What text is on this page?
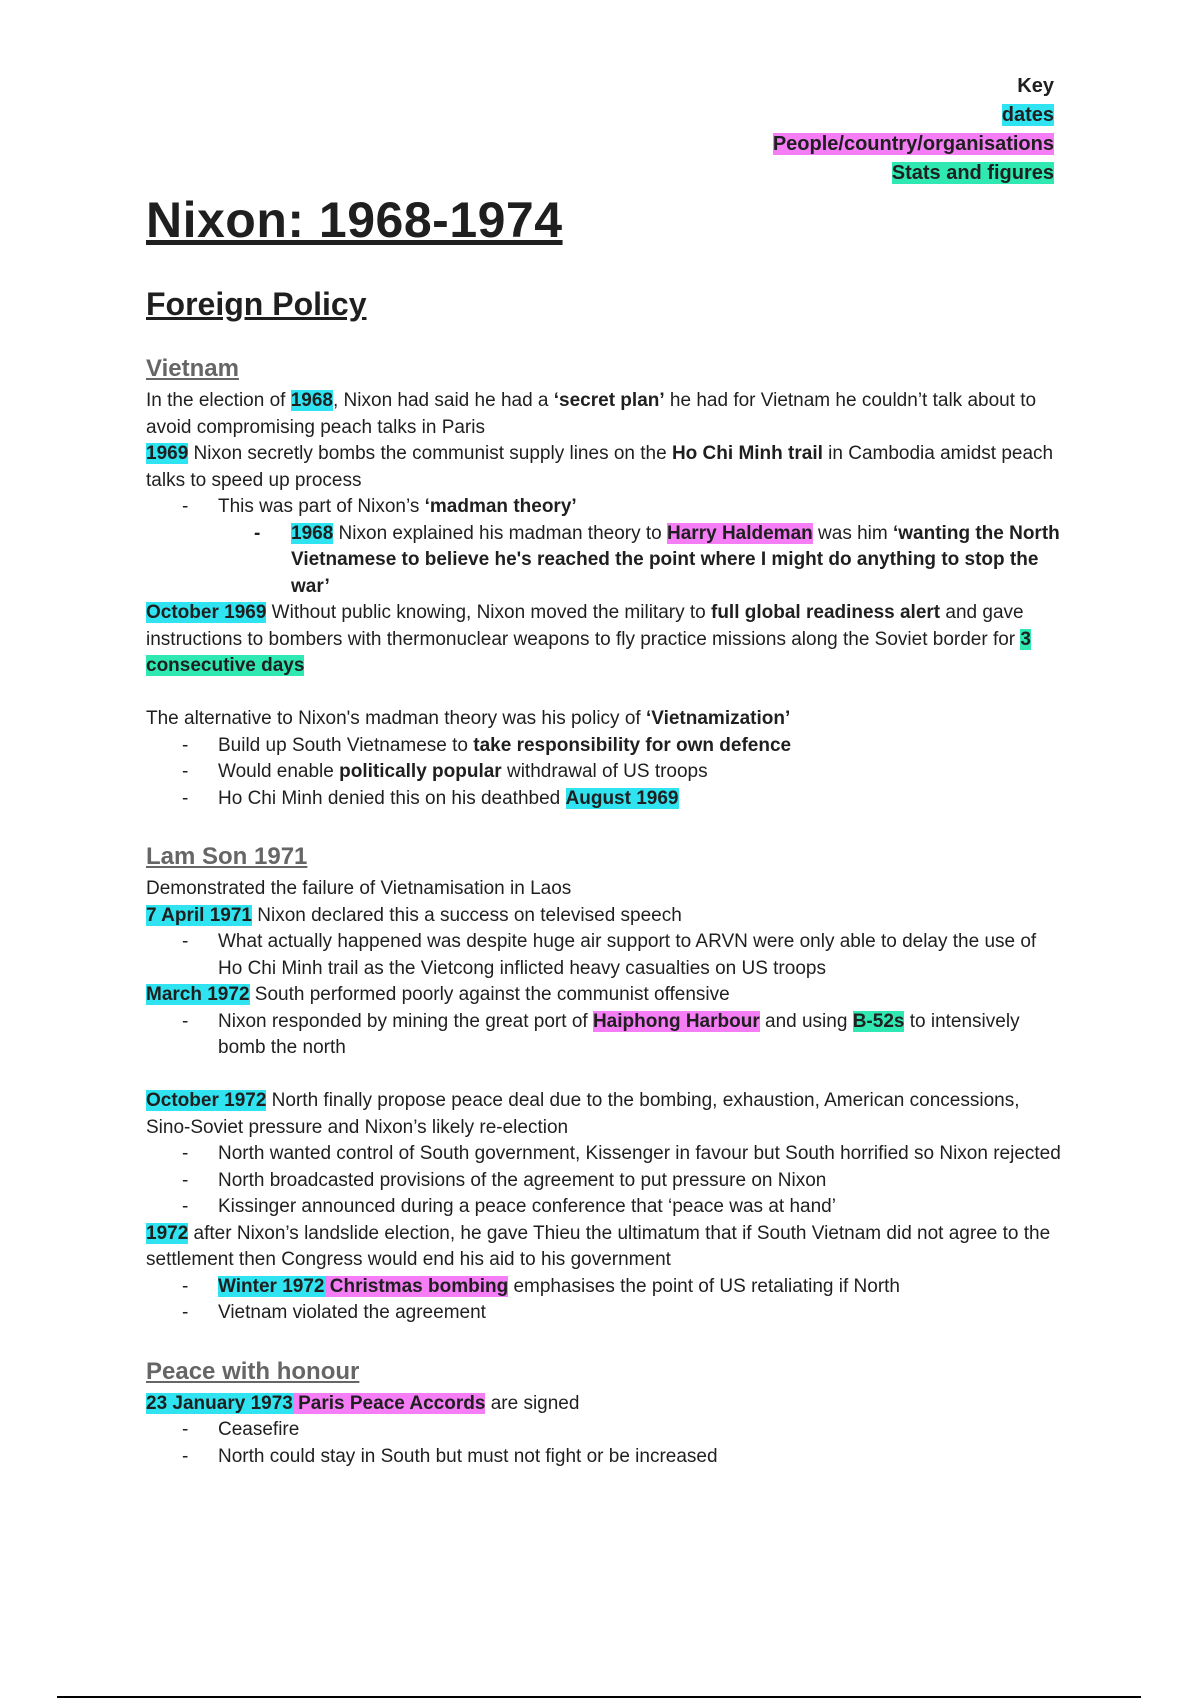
Key
dates
People/country/organisations
Stats and figures
Nixon: 1968-1974
Foreign Policy
Vietnam

In the election of 1968, Nixon had said he had a ‘secret plan’ he had for Vietnam he couldn’t talk about to avoid compromising peach talks in Paris

1969 Nixon secretly bombs the communist supply lines on the Ho Chi Minh trail in Cambodia amidst peach talks to speed up process

- This was part of Nixon’s ‘madman theory’
- 1968 Nixon explained his madman theory to Harry Haldeman was him ‘wanting the North Vietnamese to believe he's reached the point where I might do anything to stop the war’

October 1969 Without public knowing, Nixon moved the military to full global readiness alert and gave instructions to bombers with thermonuclear weapons to fly practice missions along the Soviet border for 3 consecutive days

The alternative to Nixon's madman theory was his policy of ‘Vietnamization’

- Build up South Vietnamese to take responsibility for own defence
- Would enable politically popular withdrawal of US troops
- Ho Chi Minh denied this on his deathbed August 1969
Lam Son 1971

Demonstrated the failure of Vietnamisation in Laos

7 April 1971 Nixon declared this a success on televised speech

- What actually happened was despite huge air support to ARVN were only able to delay the use of Ho Chi Minh trail as the Vietcong inflicted heavy casualties on US troops

March 1972 South performed poorly against the communist offensive

- Nixon responded by mining the great port of Haiphong Harbour and using B-52s to intensively bomb the north

October 1972 North finally propose peace deal due to the bombing, exhaustion, American concessions, Sino-Soviet pressure and Nixon’s likely re-election

- North wanted control of South government, Kissenger in favour but South horrified so Nixon rejected
- North broadcasted provisions of the agreement to put pressure on Nixon
- Kissinger announced during a peace conference that ‘peace was at hand’

1972 after Nixon’s landslide election, he gave Thieu the ultimatum that if South Vietnam did not agree to the settlement then Congress would end his aid to his government

- Winter 1972 Christmas bombing emphasises the point of US retaliating if North
- Vietnam violated the agreement
Peace with honour

23 January 1973 Paris Peace Accords are signed

- Ceasefire
- North could stay in South but must not fight or be increased
